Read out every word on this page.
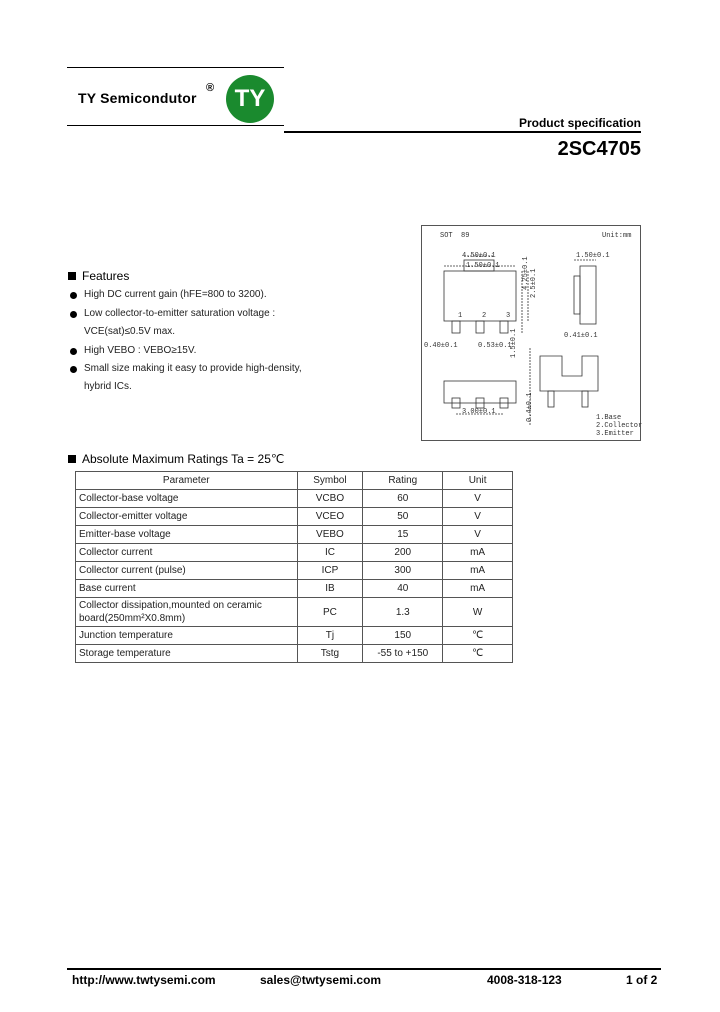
TY Semicondutor
® TY
Product specification
2SC4705
SOT  89	Unit:mm
4.50±0.1
1.50±0.1
1.50±0.1
4.25±0.1 2.5±0.1
1	2	3
0.40±0.1	0.53±0.1
0.41±0.1
1.5±0.1
0.4±0.1
3.00±0.1
1.Base
2.Collector
3.Emitter
Features
High DC current gain (hFE=800 to 3200).
Low collector-to-emitter saturation voltage :
VCE(sat)≤0.5V max.
High VEBO : VEBO≥15V.
Small size making it easy to provide high-density,
hybrid ICs.
Absolute Maximum Ratings Ta = 25℃
Parameter	Symbol	Rating	Unit
Collector-base voltage	VCBO	60	V
Collector-emitter voltage	VCEO	50	V
Emitter-base voltage	VEBO	15	V
Collector current	IC	200	mA
Collector current (pulse)	ICP	300	mA
Base current	IB	40	mA
Collector dissipation,mounted on ceramic board(250mm²X0.8mm)	PC	1.3	W
Junction temperature	Tj	150	℃
Storage temperature	Tstg	-55 to +150	℃
http://www.twtysemi.com	sales@twtysemi.com	4008-318-123	1 of 2
